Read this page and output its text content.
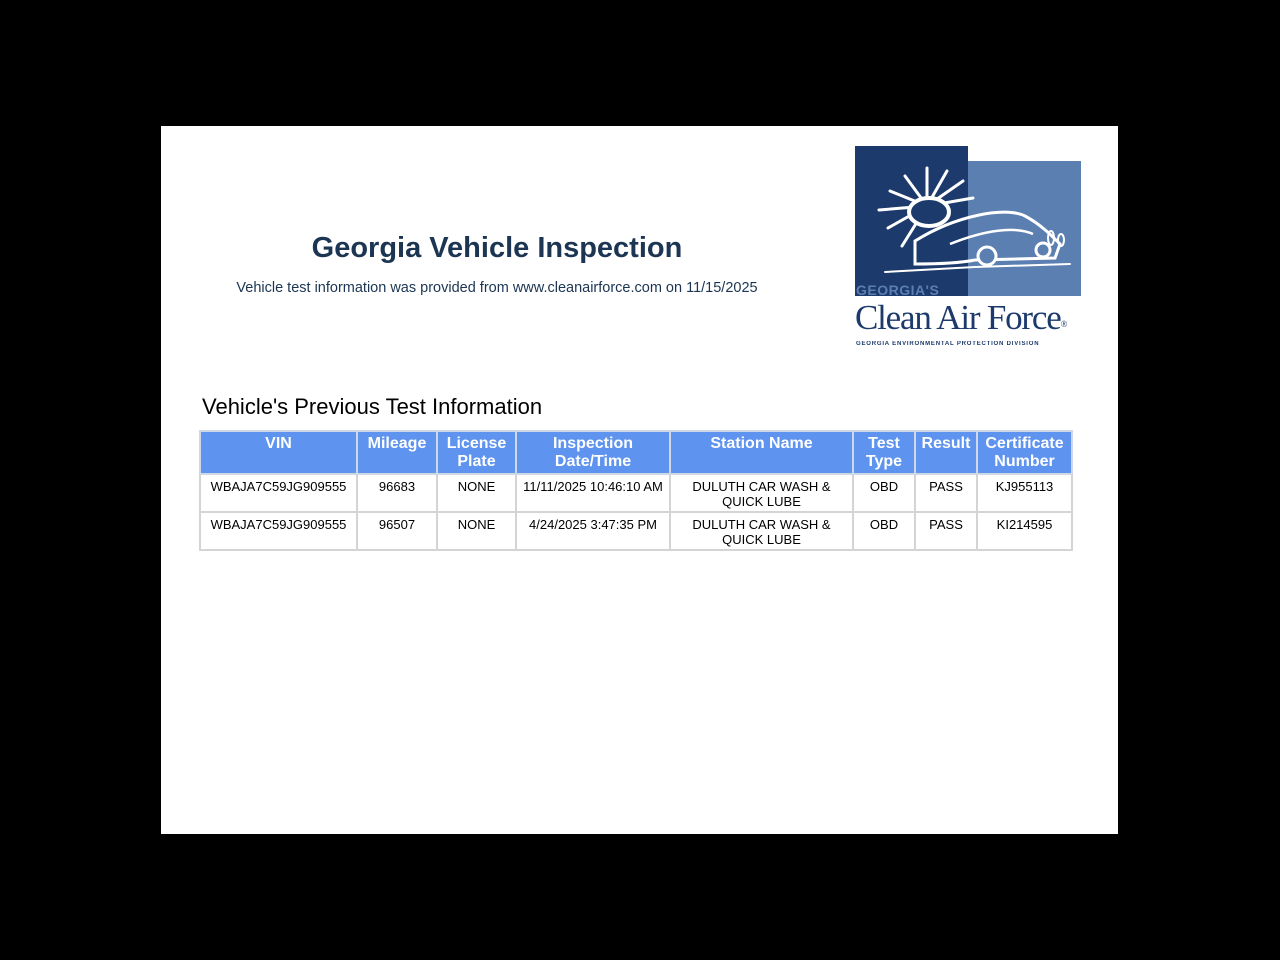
Georgia Vehicle Inspection

Vehicle test information was provided from www.cleanairforce.com on 11/15/2025	GEORGIA'S
Clean Air Force®
GEORGIA ENVIRONMENTAL PROTECTION DIVISION
Vehicle's Previous Test Information
VIN	Mileage	License Plate	Inspection Date/Time	Station Name	Test Type	Result	Certificate Number
WBAJA7C59JG909555	96683	NONE	11/11/2025 10:46:10 AM	DULUTH CAR WASH & QUICK LUBE	OBD	PASS	KJ955113
WBAJA7C59JG909555	96507	NONE	4/24/2025 3:47:35 PM	DULUTH CAR WASH & QUICK LUBE	OBD	PASS	KI214595
